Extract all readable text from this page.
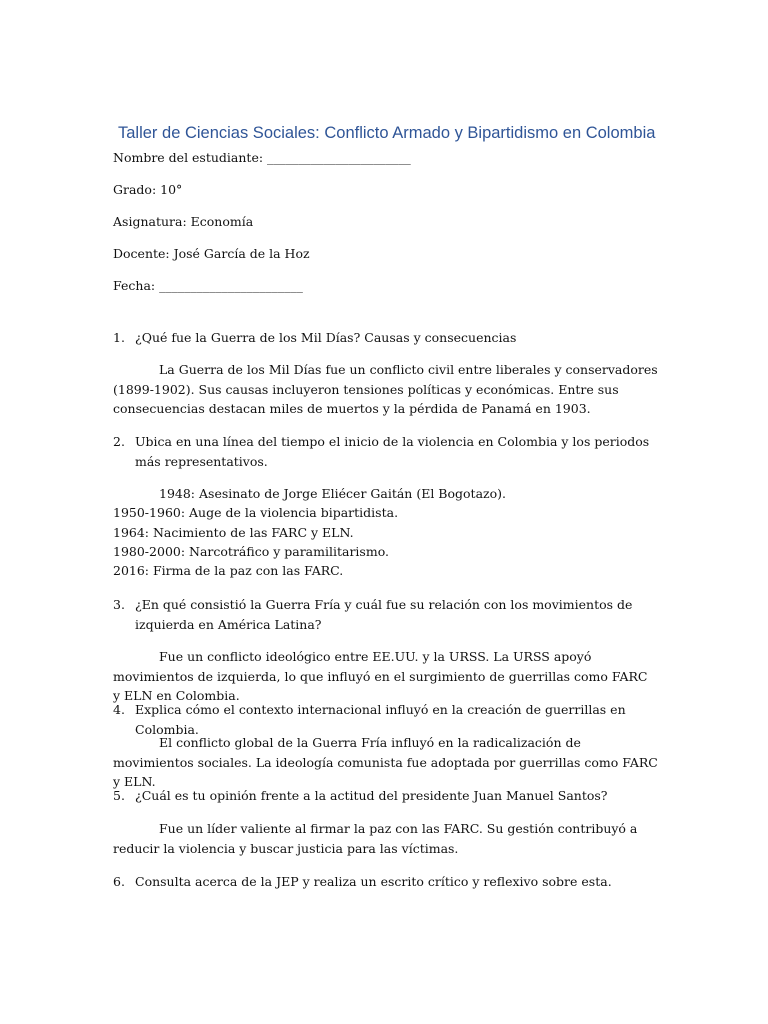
Taller de Ciencias Sociales: Conflicto Armado y Bipartidismo en Colombia
Nombre del estudiante: _______________________
Grado: 10°
Asignatura: Economía
Docente: José García de la Hoz
Fecha: _______________________
1. ¿Qué fue la Guerra de los Mil Días? Causas y consecuencias
La Guerra de los Mil Días fue un conflicto civil entre liberales y conservadores (1899-1902). Sus causas incluyeron tensiones políticas y económicas. Entre sus consecuencias destacan miles de muertos y la pérdida de Panamá en 1903.
2. Ubica en una línea del tiempo el inicio de la violencia en Colombia y los periodos más representativos.
1948: Asesinato de Jorge Eliécer Gaitán (El Bogotazo).
1950-1960: Auge de la violencia bipartidista.
1964: Nacimiento de las FARC y ELN.
1980-2000: Narcotráfico y paramilitarismo.
2016: Firma de la paz con las FARC.
3. ¿En qué consistió la Guerra Fría y cuál fue su relación con los movimientos de izquierda en América Latina?
Fue un conflicto ideológico entre EE.UU. y la URSS. La URSS apoyó movimientos de izquierda, lo que influyó en el surgimiento de guerrillas como FARC y ELN en Colombia.
4. Explica cómo el contexto internacional influyó en la creación de guerrillas en Colombia.
El conflicto global de la Guerra Fría influyó en la radicalización de movimientos sociales. La ideología comunista fue adoptada por guerrillas como FARC y ELN.
5. ¿Cuál es tu opinión frente a la actitud del presidente Juan Manuel Santos?
Fue un líder valiente al firmar la paz con las FARC. Su gestión contribuyó a reducir la violencia y buscar justicia para las víctimas.
6. Consulta acerca de la JEP y realiza un escrito crítico y reflexivo sobre esta.
